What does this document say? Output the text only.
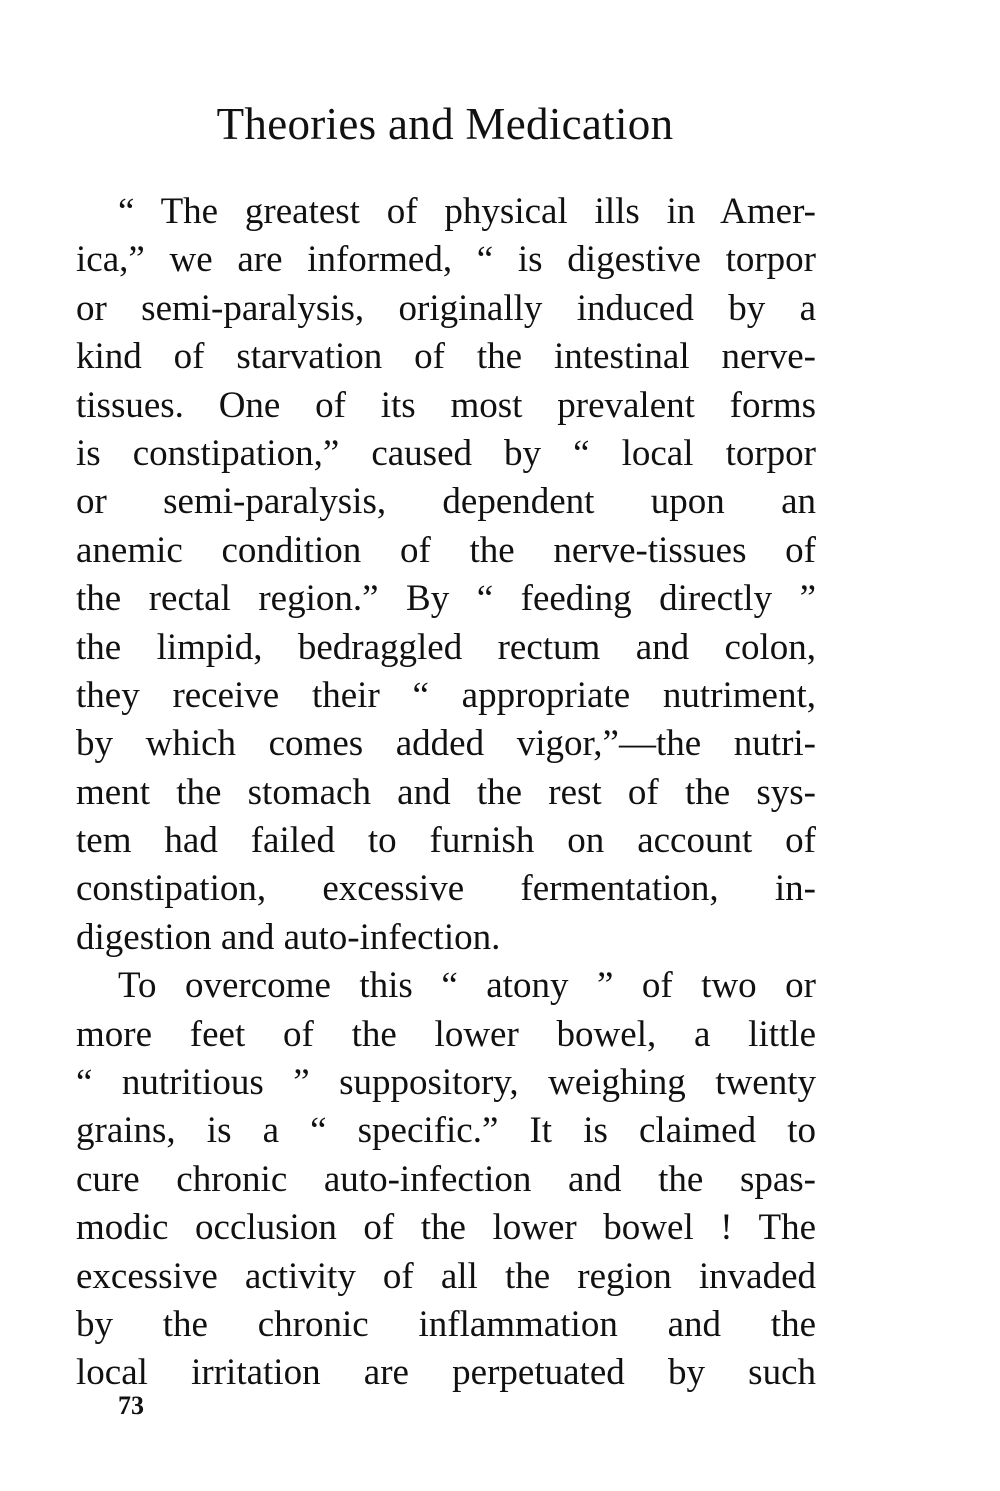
Theories and Medication
“ The greatest of physical ills in Amer-
ica,” we are informed, “ is digestive torpor
or semi-paralysis, originally induced by a
kind of starvation of the intestinal nerve-
tissues. One of its most prevalent forms
is constipation,” caused by “ local torpor
or semi-paralysis, dependent upon an
anemic condition of the nerve-tissues of
the rectal region.” By “ feeding directly ”
the limpid, bedraggled rectum and colon,
they receive their “ appropriate nutriment,
by which comes added vigor,”—the nutri-
ment the stomach and the rest of the sys-
tem had failed to furnish on account of
constipation, excessive fermentation, in-
digestion and auto-infection.
To overcome this “ atony ” of two or
more feet of the lower bowel, a little
“ nutritious ” suppository, weighing twenty
grains, is a “ specific.” It is claimed to
cure chronic auto-infection and the spas-
modic occlusion of the lower bowel ! The
excessive activity of all the region invaded
by the chronic inflammation and the
local irritation are perpetuated by such
73
